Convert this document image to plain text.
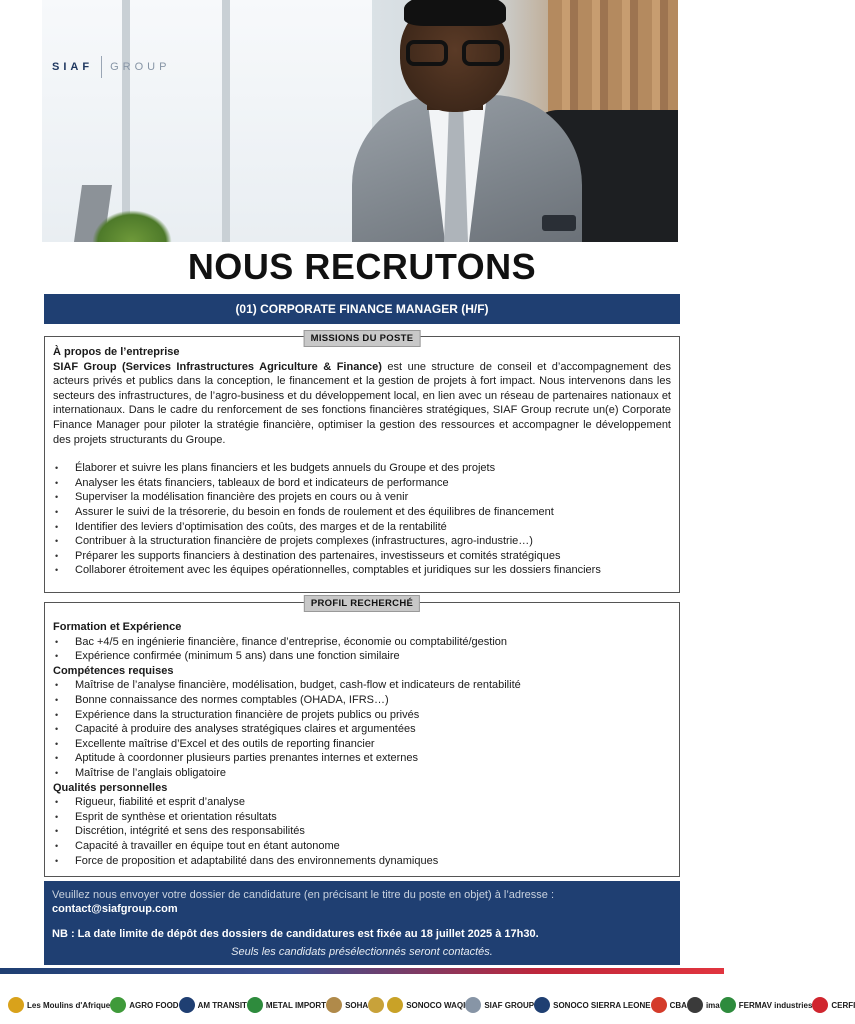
SIAF GROUP
NOUS RECRUTONS
(01) CORPORATE FINANCE MANAGER (H/F)
À propos de l’entreprise
SIAF Group (Services Infrastructures Agriculture & Finance) est une structure de conseil et d’accompagnement des acteurs privés et publics dans la conception, le financement et la gestion de projets à fort impact. Nous intervenons dans les secteurs des infrastructures, de l’agro-business et du développement local, en lien avec un réseau de partenaires nationaux et internationaux. Dans le cadre du renforcement de ses fonctions financières stratégiques, SIAF Group recrute un(e) Corporate Finance Manager pour piloter la stratégie financière, optimiser la gestion des ressources et accompagner le développement des projets structurants du Groupe.
• Élaborer et suivre les plans financiers et les budgets annuels du Groupe et des projets
• Analyser les états financiers, tableaux de bord et indicateurs de performance
• Superviser la modélisation financière des projets en cours ou à venir
• Assurer le suivi de la trésorerie, du besoin en fonds de roulement et des équilibres de financement
• Identifier des leviers d’optimisation des coûts, des marges et de la rentabilité
• Contribuer à la structuration financière de projets complexes (infrastructures, agro-industrie…)
• Préparer les supports financiers à destination des partenaires, investisseurs et comités stratégiques
• Collaborer étroitement avec les équipes opérationnelles, comptables et juridiques sur les dossiers financiers
MISSIONS DU POSTE
Formation et Expérience
• Bac +4/5 en ingénierie financière, finance d’entreprise, économie ou comptabilité/gestion
• Expérience confirmée (minimum 5 ans) dans une fonction similaire
Compétences requises
• Maîtrise de l’analyse financière, modélisation, budget, cash-flow et indicateurs de rentabilité
• Bonne connaissance des normes comptables (OHADA, IFRS…)
• Expérience dans la structuration financière de projets publics ou privés
• Capacité à produire des analyses stratégiques claires et argumentées
• Excellente maîtrise d’Excel et des outils de reporting financier
• Aptitude à coordonner plusieurs parties prenantes internes et externes
• Maîtrise de l’anglais obligatoire
Qualités personnelles
• Rigueur, fiabilité et esprit d’analyse
• Esprit de synthèse et orientation résultats
• Discrétion, intégrité et sens des responsabilités
• Capacité à travailler en équipe tout en étant autonome
• Force de proposition et adaptabilité dans des environnements dynamiques
PROFIL RECHERCHÉ
Veuillez nous envoyer votre dossier de candidature (en précisant le titre du poste en objet) à l’adresse :
contact@siafgroup.com
NB : La date limite de dépôt des dossiers de candidatures est fixée au 18 juillet 2025 à 17h30.
Seuls les candidats présélectionnés seront contactés.
Les Moulins d'Afrique AGRO FOOD AM TRANSIT METAL IMPORT SOHA	SONOCO WAQI SIAF GROUP SONOCO SIERRA LEONE CBA ima FERMAV industries CERFI
